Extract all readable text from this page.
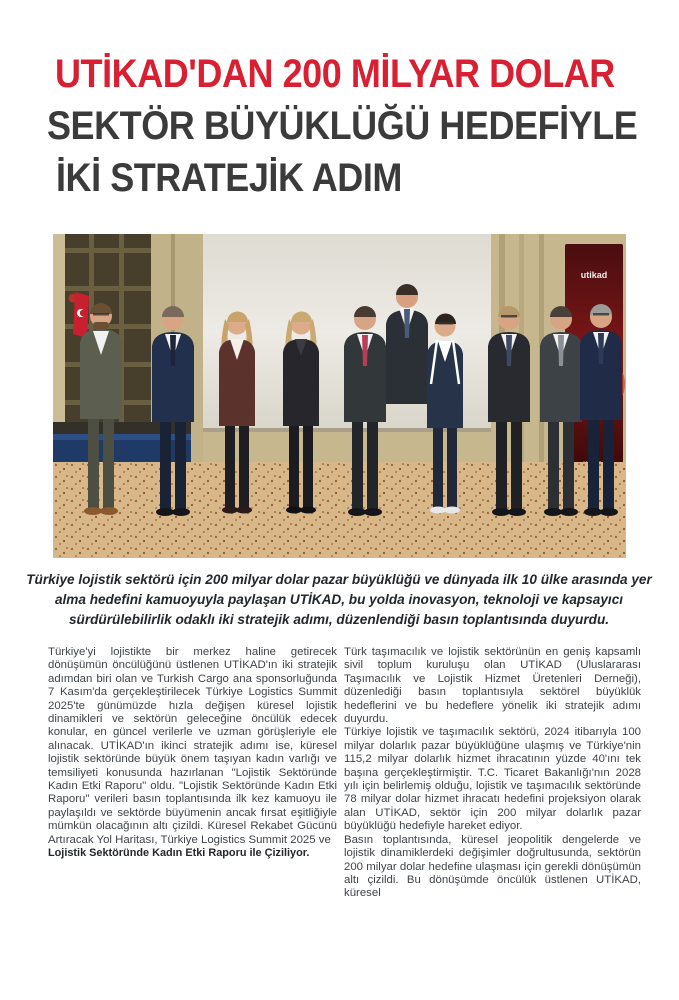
UTİKAD'DAN 200 MİLYAR DOLAR
SEKTÖR BÜYÜKLÜĞÜ HEDEFİYLE
İKİ STRATEJİK ADIM
utikad
Türkiye lojistik sektörü için 200 milyar dolar pazar büyüklüğü ve dünyada ilk 10 ülke arasında yer alma hedefini kamuoyuyla paylaşan UTİKAD, bu yolda inovasyon, teknoloji ve kapsayıcı sürdürülebilirlik odaklı iki stratejik adımı, düzenlendiği basın toplantısında duyurdu.

Türkiye'yi lojistikte bir merkez haline getirecek dönüşümün öncülüğünü üstlenen UTİKAD'ın iki stratejik adımdan biri olan ve Turkish Cargo ana sponsorluğunda 7 Kasım'da gerçekleştirilecek Türkiye Logistics Summit 2025'te günümüzde hızla değişen küresel lojistik dinamikleri ve sektörün geleceğine öncülük edecek konular, en güncel verilerle ve uzman görüşleriyle ele alınacak. UTİKAD'ın ikinci stratejik adımı ise, küresel lojistik sektöründe büyük önem taşıyan kadın varlığı ve temsiliyeti konusunda hazırlanan "Lojistik Sektöründe Kadın Etki Raporu" oldu. "Lojistik Sektöründe Kadın Etki Raporu" verileri basın toplantısında ilk kez kamuoyu ile paylaşıldı ve sektörde büyümenin ancak fırsat eşitliğiyle mümkün olacağının altı çizildi. Küresel Rekabet Gücünü Artıracak Yol Haritası, Türkiye Logistics Summit 2025 ve

Lojistik Sektöründe Kadın Etki Raporu ile Çiziliyor.

Türk taşımacılık ve lojistik sektörünün en geniş kapsamlı sivil toplum kuruluşu olan UTİKAD (Uluslararası Taşımacılık ve Lojistik Hizmet Üretenleri Derneği), düzenlediği basın toplantısıyla sektörel büyüklük hedeflerini ve bu hedeflere yönelik iki stratejik adımı duyurdu.

Türkiye lojistik ve taşımacılık sektörü, 2024 itibarıyla 100 milyar dolarlık pazar büyüklüğüne ulaşmış ve Türkiye'nin 115,2 milyar dolarlık hizmet ihracatının yüzde 40'ını tek başına gerçekleştirmiştir. T.C. Ticaret Bakanlığı'nın 2028 yılı için belirlemiş olduğu, lojistik ve taşımacılık sektöründe 78 milyar dolar hizmet ihracatı hedefini projeksiyon olarak alan UTİKAD, sektör için 200 milyar dolarlık pazar büyüklüğü hedefiyle hareket ediyor.

Basın toplantısında, küresel jeopolitik dengelerde ve lojistik dinamiklerdeki değişimler doğrultusunda, sektörün 200 milyar dolar hedefine ulaşması için gerekli dönüşümün altı çizildi. Bu dönüşümde öncülük üstlenen UTİKAD, küresel
